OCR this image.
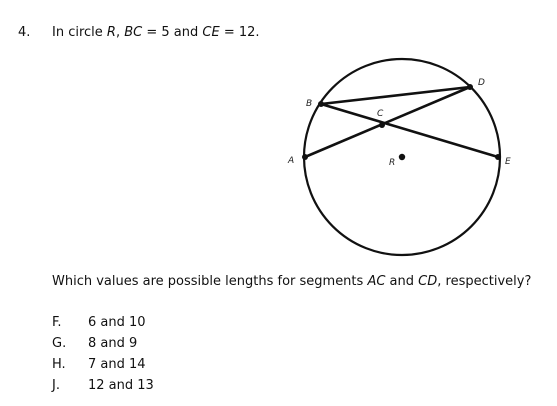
4. In circle R, BC = 5 and CE = 12.
A
B
C
D
E
R
Which values are possible lengths for segments AC and CD, respectively?
F. 6 and 10
G. 8 and 9
H. 7 and 14
J. 12 and 13
